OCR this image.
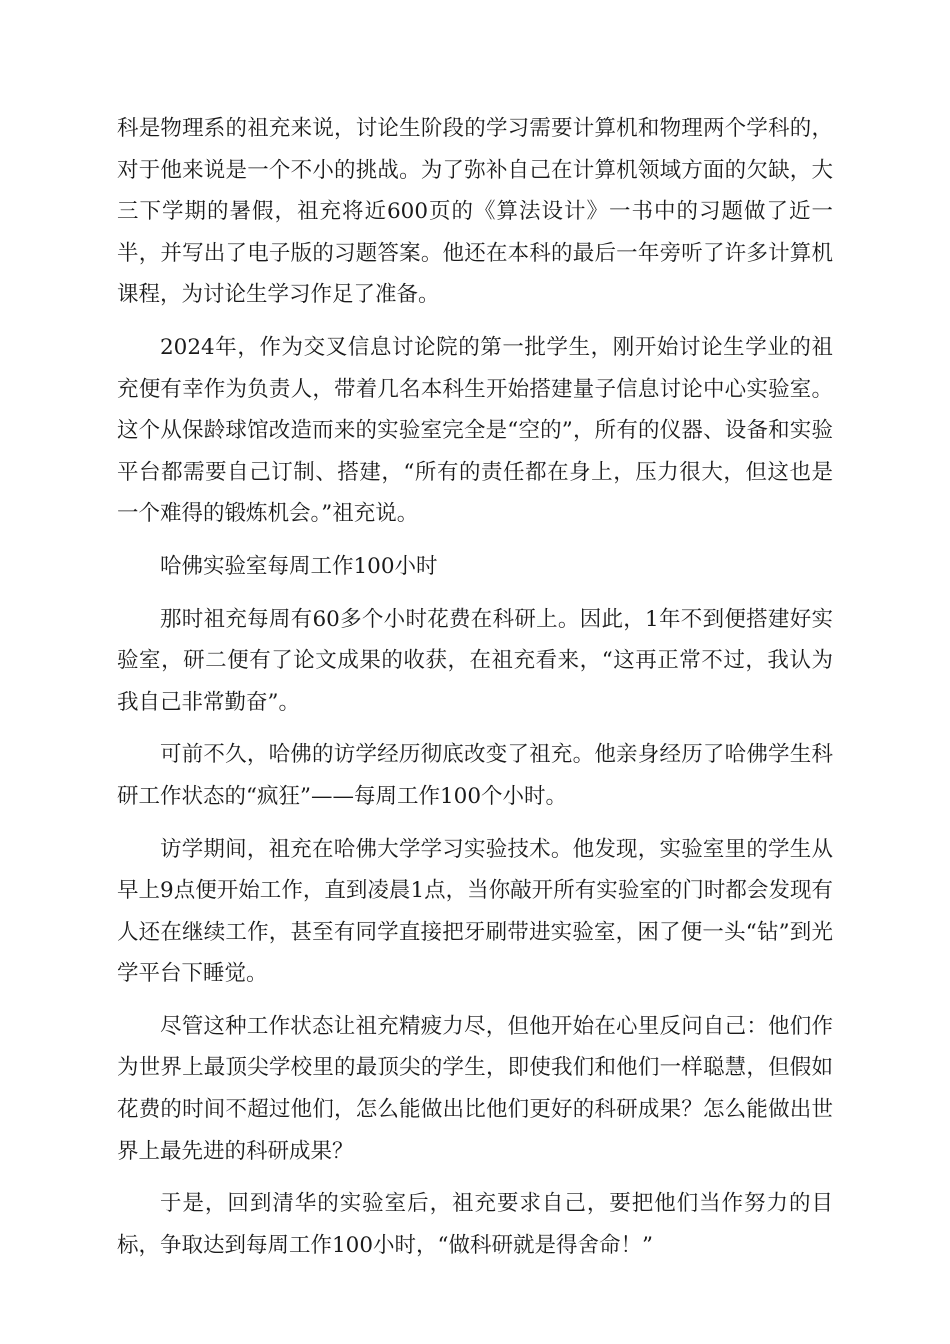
科是物理系的祖充来说，讨论生阶段的学习需要计算机和物理两个学科的，对于他来说是一个不小的挑战。为了弥补自己在计算机领域方面的欠缺，大三下学期的暑假，祖充将近600页的《算法设计》一书中的习题做了近一半，并写出了电子版的习题答案。他还在本科的最后一年旁听了许多计算机课程，为讨论生学习作足了准备。

2024年，作为交叉信息讨论院的第一批学生，刚开始讨论生学业的祖充便有幸作为负责人，带着几名本科生开始搭建量子信息讨论中心实验室。这个从保龄球馆改造而来的实验室完全是“空的”，所有的仪器、设备和实验平台都需要自己订制、搭建，“所有的责任都在身上，压力很大，但这也是一个难得的锻炼机会。”祖充说。

哈佛实验室每周工作100小时

那时祖充每周有60多个小时花费在科研上。因此，1年不到便搭建好实验室，研二便有了论文成果的收获，在祖充看来，“这再正常不过，我认为我自己非常勤奋”。

可前不久，哈佛的访学经历彻底改变了祖充。他亲身经历了哈佛学生科研工作状态的“疯狂”——每周工作100个小时。

访学期间，祖充在哈佛大学学习实验技术。他发现，实验室里的学生从早上9点便开始工作，直到凌晨1点，当你敲开所有实验室的门时都会发现有人还在继续工作，甚至有同学直接把牙刷带进实验室，困了便一头“钻”到光学平台下睡觉。

尽管这种工作状态让祖充精疲力尽，但他开始在心里反问自己：他们作为世界上最顶尖学校里的最顶尖的学生，即使我们和他们一样聪慧，但假如花费的时间不超过他们，怎么能做出比他们更好的科研成果？怎么能做出世界上最先进的科研成果？

于是，回到清华的实验室后，祖充要求自己，要把他们当作努力的目标，争取达到每周工作100小时，“做科研就是得舍命！”
